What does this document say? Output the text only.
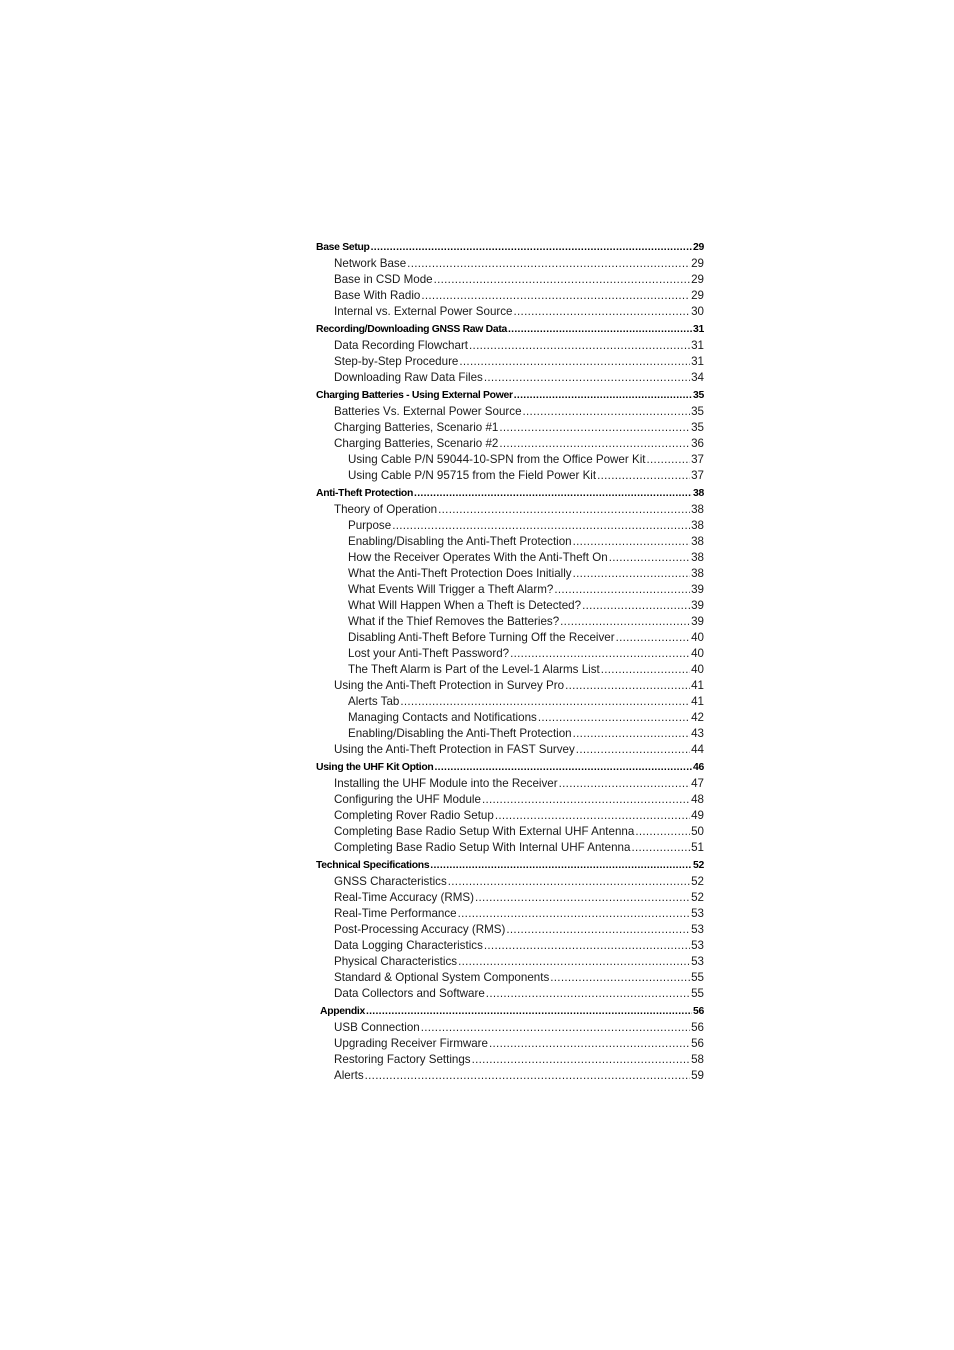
Base Setup .....	29
Network Base .....	29
Base in CSD Mode .....	29
Base With Radio .....	29
Internal vs. External Power Source .....	30
Recording/Downloading GNSS Raw Data .....	31
Data Recording Flowchart .....	31
Step-by-Step Procedure .....	31
Downloading Raw Data Files .....	34
Charging Batteries - Using External Power .....	35
Batteries Vs. External Power Source .....	35
Charging Batteries, Scenario #1 .....	35
Charging Batteries, Scenario #2 .....	36
Using Cable P/N 59044-10-SPN from the Office Power Kit .....	37
Using Cable P/N 95715 from the Field Power Kit .....	37
Anti-Theft Protection .....	38
Theory of Operation .....	38
Purpose .....	38
Enabling/Disabling the Anti-Theft Protection .....	38
How the Receiver Operates With the Anti-Theft On .....	38
What the Anti-Theft Protection Does Initially .....	38
What Events Will Trigger a Theft Alarm? .....	39
What Will Happen When a Theft is Detected? .....	39
What if the Thief Removes the Batteries? .....	39
Disabling Anti-Theft Before Turning Off the Receiver .....	40
Lost your Anti-Theft Password? .....	40
The Theft Alarm is Part of the Level-1 Alarms List .....	40
Using the Anti-Theft Protection in Survey Pro .....	41
Alerts Tab .....	41
Managing Contacts and Notifications .....	42
Enabling/Disabling the Anti-Theft Protection .....	43
Using the Anti-Theft Protection in FAST Survey .....	44
Using the UHF Kit Option .....	46
Installing the UHF Module into the Receiver .....	47
Configuring the UHF Module .....	48
Completing Rover Radio Setup .....	49
Completing Base Radio Setup With External UHF Antenna .....	50
Completing Base Radio Setup With Internal UHF Antenna .....	51
Technical Specifications .....	52
GNSS Characteristics .....	52
Real-Time Accuracy (RMS) .....	52
Real-Time Performance .....	53
Post-Processing Accuracy (RMS) .....	53
Data Logging Characteristics .....	53
Physical Characteristics .....	53
Standard & Optional System Components .....	55
Data Collectors and Software .....	55
Appendix .....	56
USB Connection .....	56
Upgrading Receiver Firmware .....	56
Restoring Factory Settings .....	58
Alerts .....	59
